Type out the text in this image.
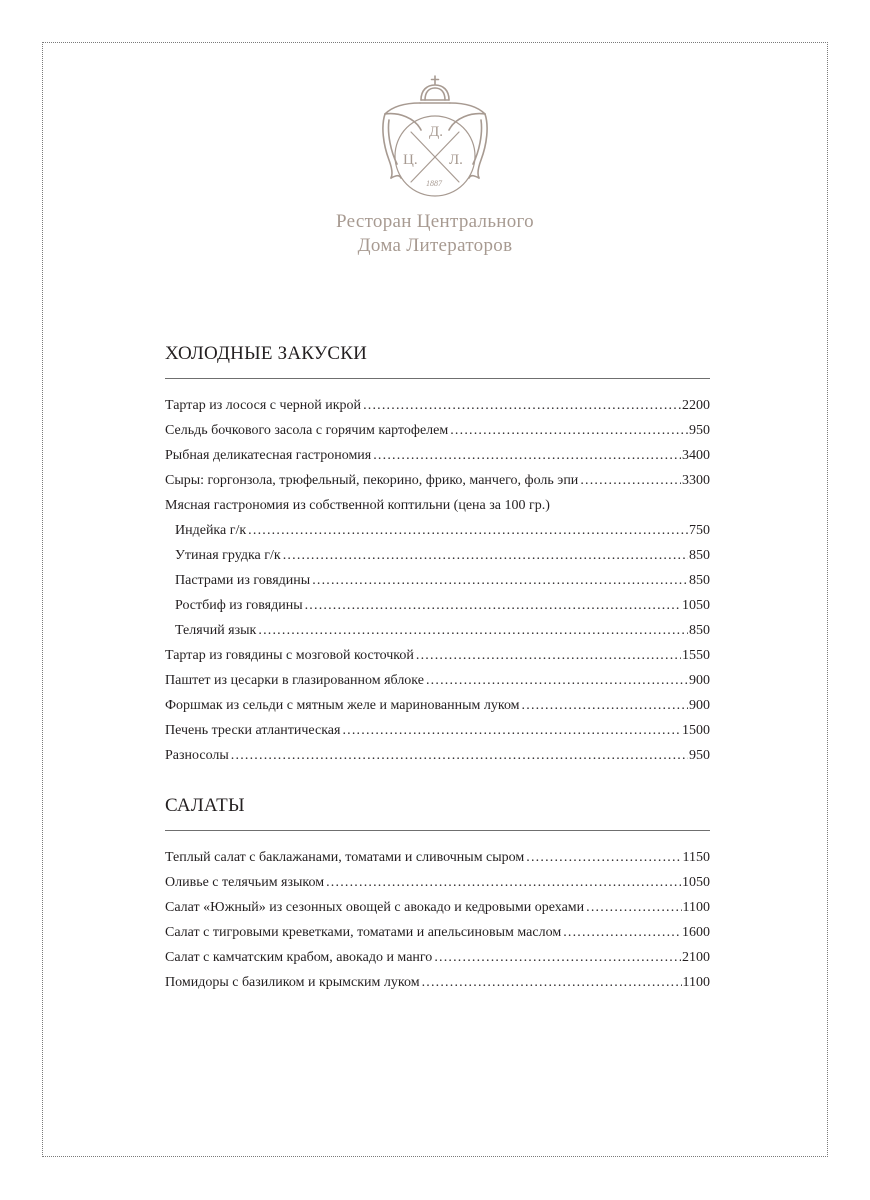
Д.
Ц. Л.
1887
Ресторан Центрального
Дома Литераторов
ХОЛОДНЫЕ ЗАКУСКИ
Тартар из лосося с черной икрой .....	2200
Сельдь бочкового засола с горячим картофелем .....	950
Рыбная деликатесная гастрономия .....	3400
Сыры: горгонзола, трюфельный, пекорино, фрико, манчего, фоль эпи .....	3300
Мясная гастрономия из собственной коптильни (цена за 100 гр.)
Индейка г/к .....	750
Утиная грудка г/к .....	850
Пастрами из говядины .....	850
Ростбиф из говядины .....	1050
Телячий язык .....	850
Тартар из говядины с мозговой косточкой .....	1550
Паштет из цесарки в глазированном яблоке .....	900
Форшмак из сельди с мятным желе и маринованным луком .....	900
Печень трески атлантическая .....	1500
Разносолы .....	950
САЛАТЫ
Теплый салат с баклажанами, томатами и сливочным сыром .....	1150
Оливье с телячьим языком .....	1050
Салат «Южный» из сезонных овощей с авокадо и кедровыми орехами .....	1100
Салат с тигровыми креветками, томатами и апельсиновым маслом .....	1600
Салат с камчатским крабом, авокадо и манго .....	2100
Помидоры с базиликом и крымским луком .....	1100
